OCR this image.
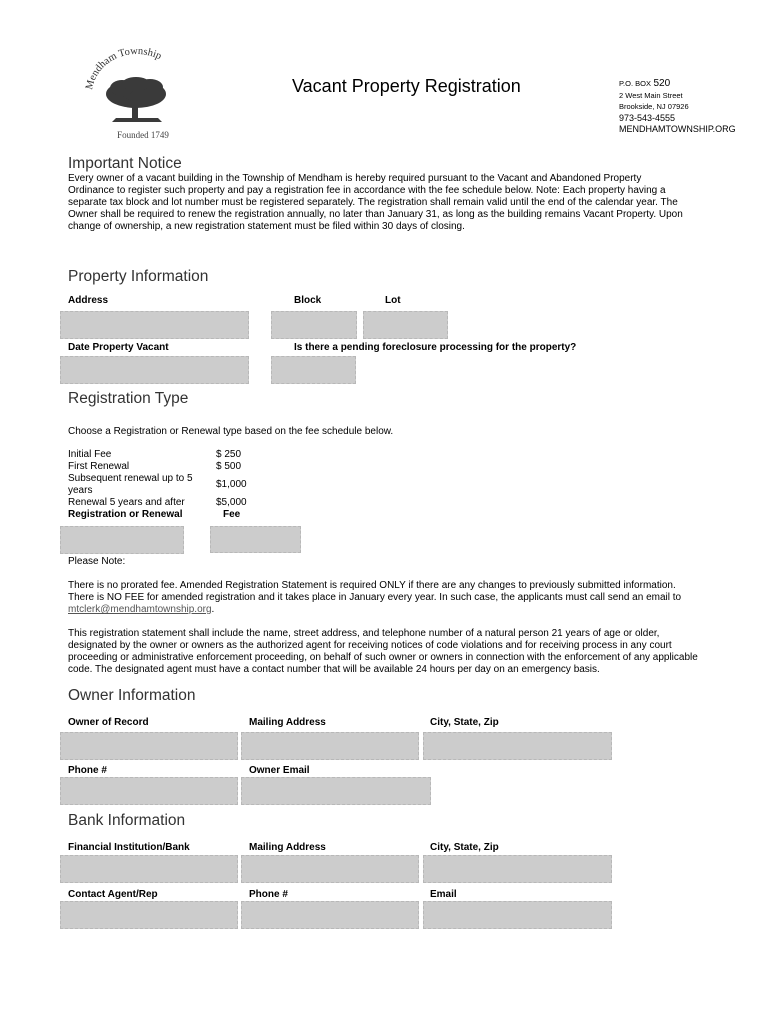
Mendham Township
Founded 1749
Vacant Property Registration	P.O. BOX 520
2 West Main Street
Brookside, NJ 07926
973-543-4555
MENDHAMTOWNSHIP.ORG
Important Notice
Every owner of a vacant building in the Township of Mendham is hereby required pursuant to the Vacant and Abandoned Property
Ordinance to register such property and pay a registration fee in accordance with the fee schedule below. Note: Each property having a
separate tax block and lot number must be registered separately. The registration shall remain valid until the end of the calendar year. The
Owner shall be required to renew the registration annually, no later than January 31, as long as the building remains Vacant Property. Upon
change of ownership, a new registration statement must be filed within 30 days of closing.
Property Information
Address	Block	Lot
Date Property Vacant	Is there a pending foreclosure processing for the property?
Registration Type
Choose a Registration or Renewal type based on the fee schedule below.
Initial Fee	$ 250
First Renewal	$ 500
Subsequent renewal up to 5 years	$1,000
Renewal 5 years and after	$5,000
Registration or Renewal	Fee
Please Note:
There is no prorated fee. Amended Registration Statement is required ONLY if there are any changes to previously submitted information.
There is NO FEE for amended registration and it takes place in January every year. In such case, the applicants must call send an email to
mtclerk@mendhamtownship.org.
This registration statement shall include the name, street address, and telephone number of a natural person 21 years of age or older,
designated by the owner or owners as the authorized agent for receiving notices of code violations and for receiving process in any court
proceeding or administrative enforcement proceeding, on behalf of such owner or owners in connection with the enforcement of any applicable
code. The designated agent must have a contact number that will be available 24 hours per day on an emergency basis.
Owner Information
Owner of Record	Mailing Address	City, State, Zip
Phone #	Owner Email
Bank Information
Financial Institution/Bank	Mailing Address	City, State, Zip
Contact Agent/Rep	Phone #	Email
